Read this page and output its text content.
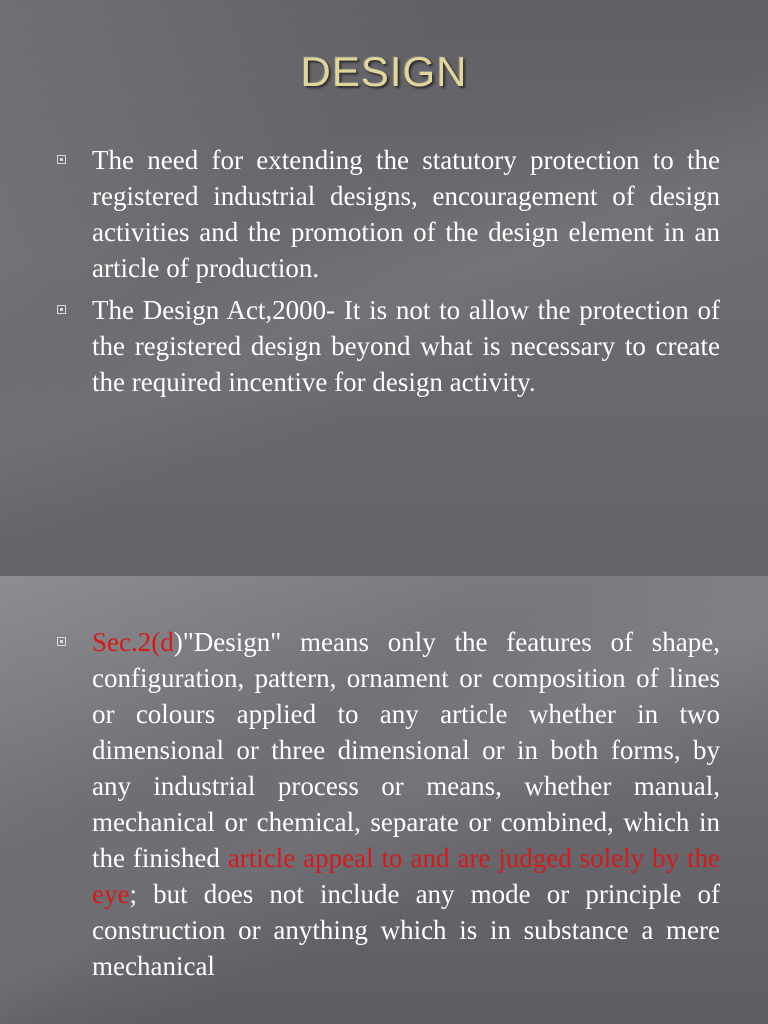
DESIGN
The need for extending the statutory protection to the registered industrial designs, encouragement of design activities and the promotion of the design element in an article of production.
The Design Act,2000- It is not to allow the protection of the registered design beyond what is necessary to create the required incentive for design activity.
Sec.2(d)"Design" means only the features of shape, configuration, pattern, ornament or composition of lines or colours applied to any article whether in two dimensional or three dimensional or in both forms, by any industrial process or means, whether manual, mechanical or chemical, separate or combined, which in the finished article appeal to and are judged solely by the eye; but does not include any mode or principle of construction or anything which is in substance a mere mechanical
